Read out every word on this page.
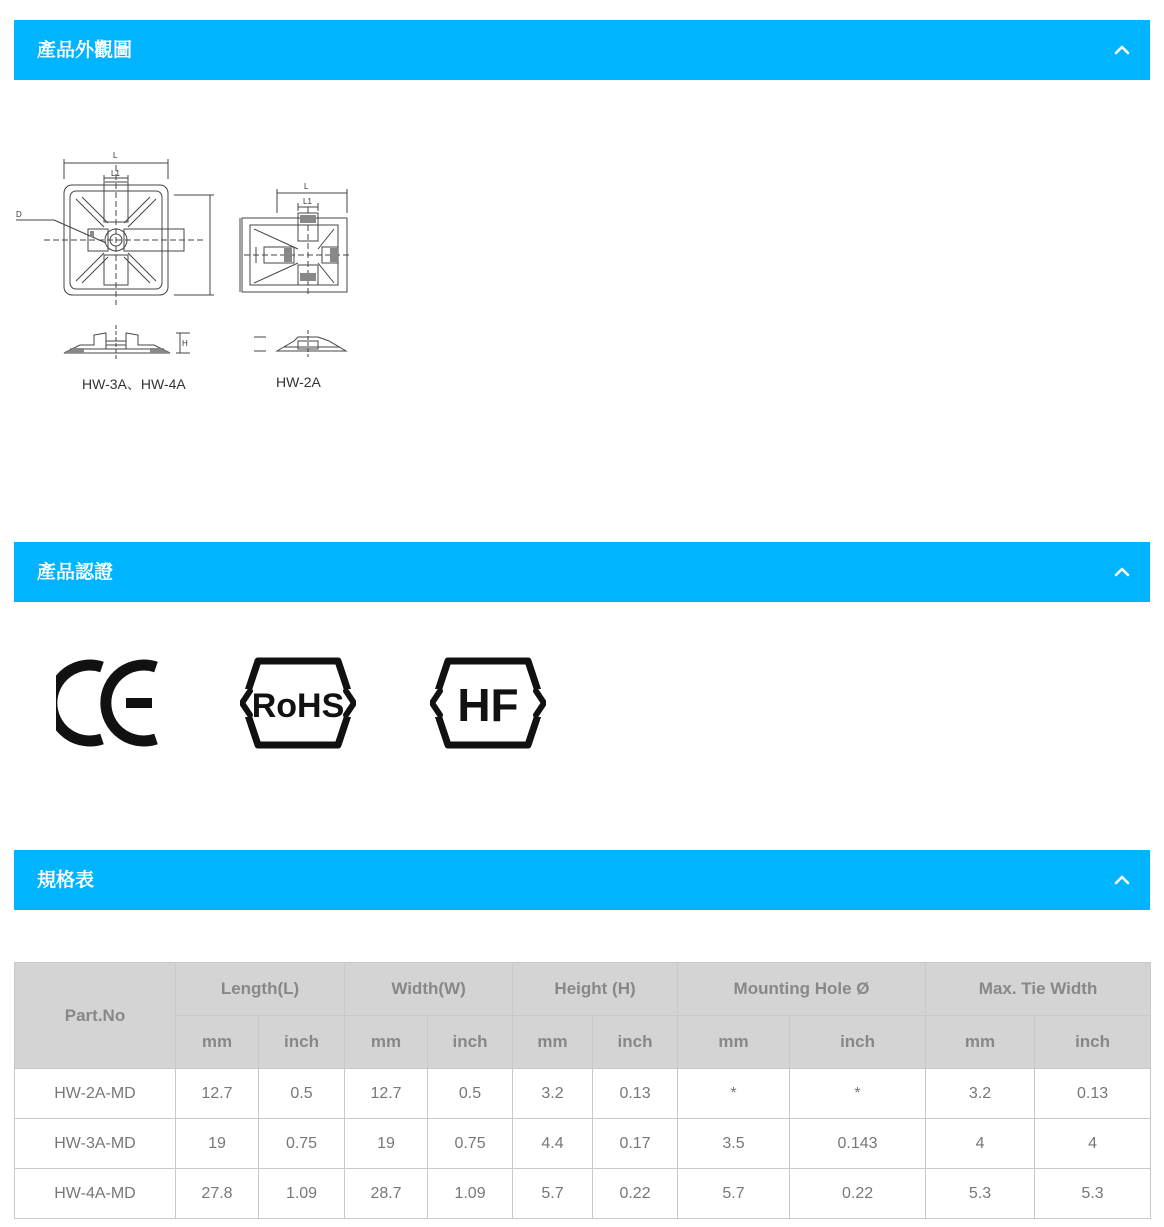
產品外觀圖
L
L1
D
L
L1
H
HW-3A、HW-4A	HW-2A
產品認證
RoHS HF
規格表
Part.No	Length(L)		Width(W)		Height (H)		Mounting Hole Ø		Max. Tie Width	
	mm	inch	mm	inch	mm	inch	mm	inch	mm	inch
HW-2A-MD	12.7	0.5	12.7	0.5	3.2	0.13	*	*	3.2	0.13
HW-3A-MD	19	0.75	19	0.75	4.4	0.17	3.5	0.143	4	4
HW-4A-MD	27.8	1.09	28.7	1.09	5.7	0.22	5.7	0.22	5.3	5.3
